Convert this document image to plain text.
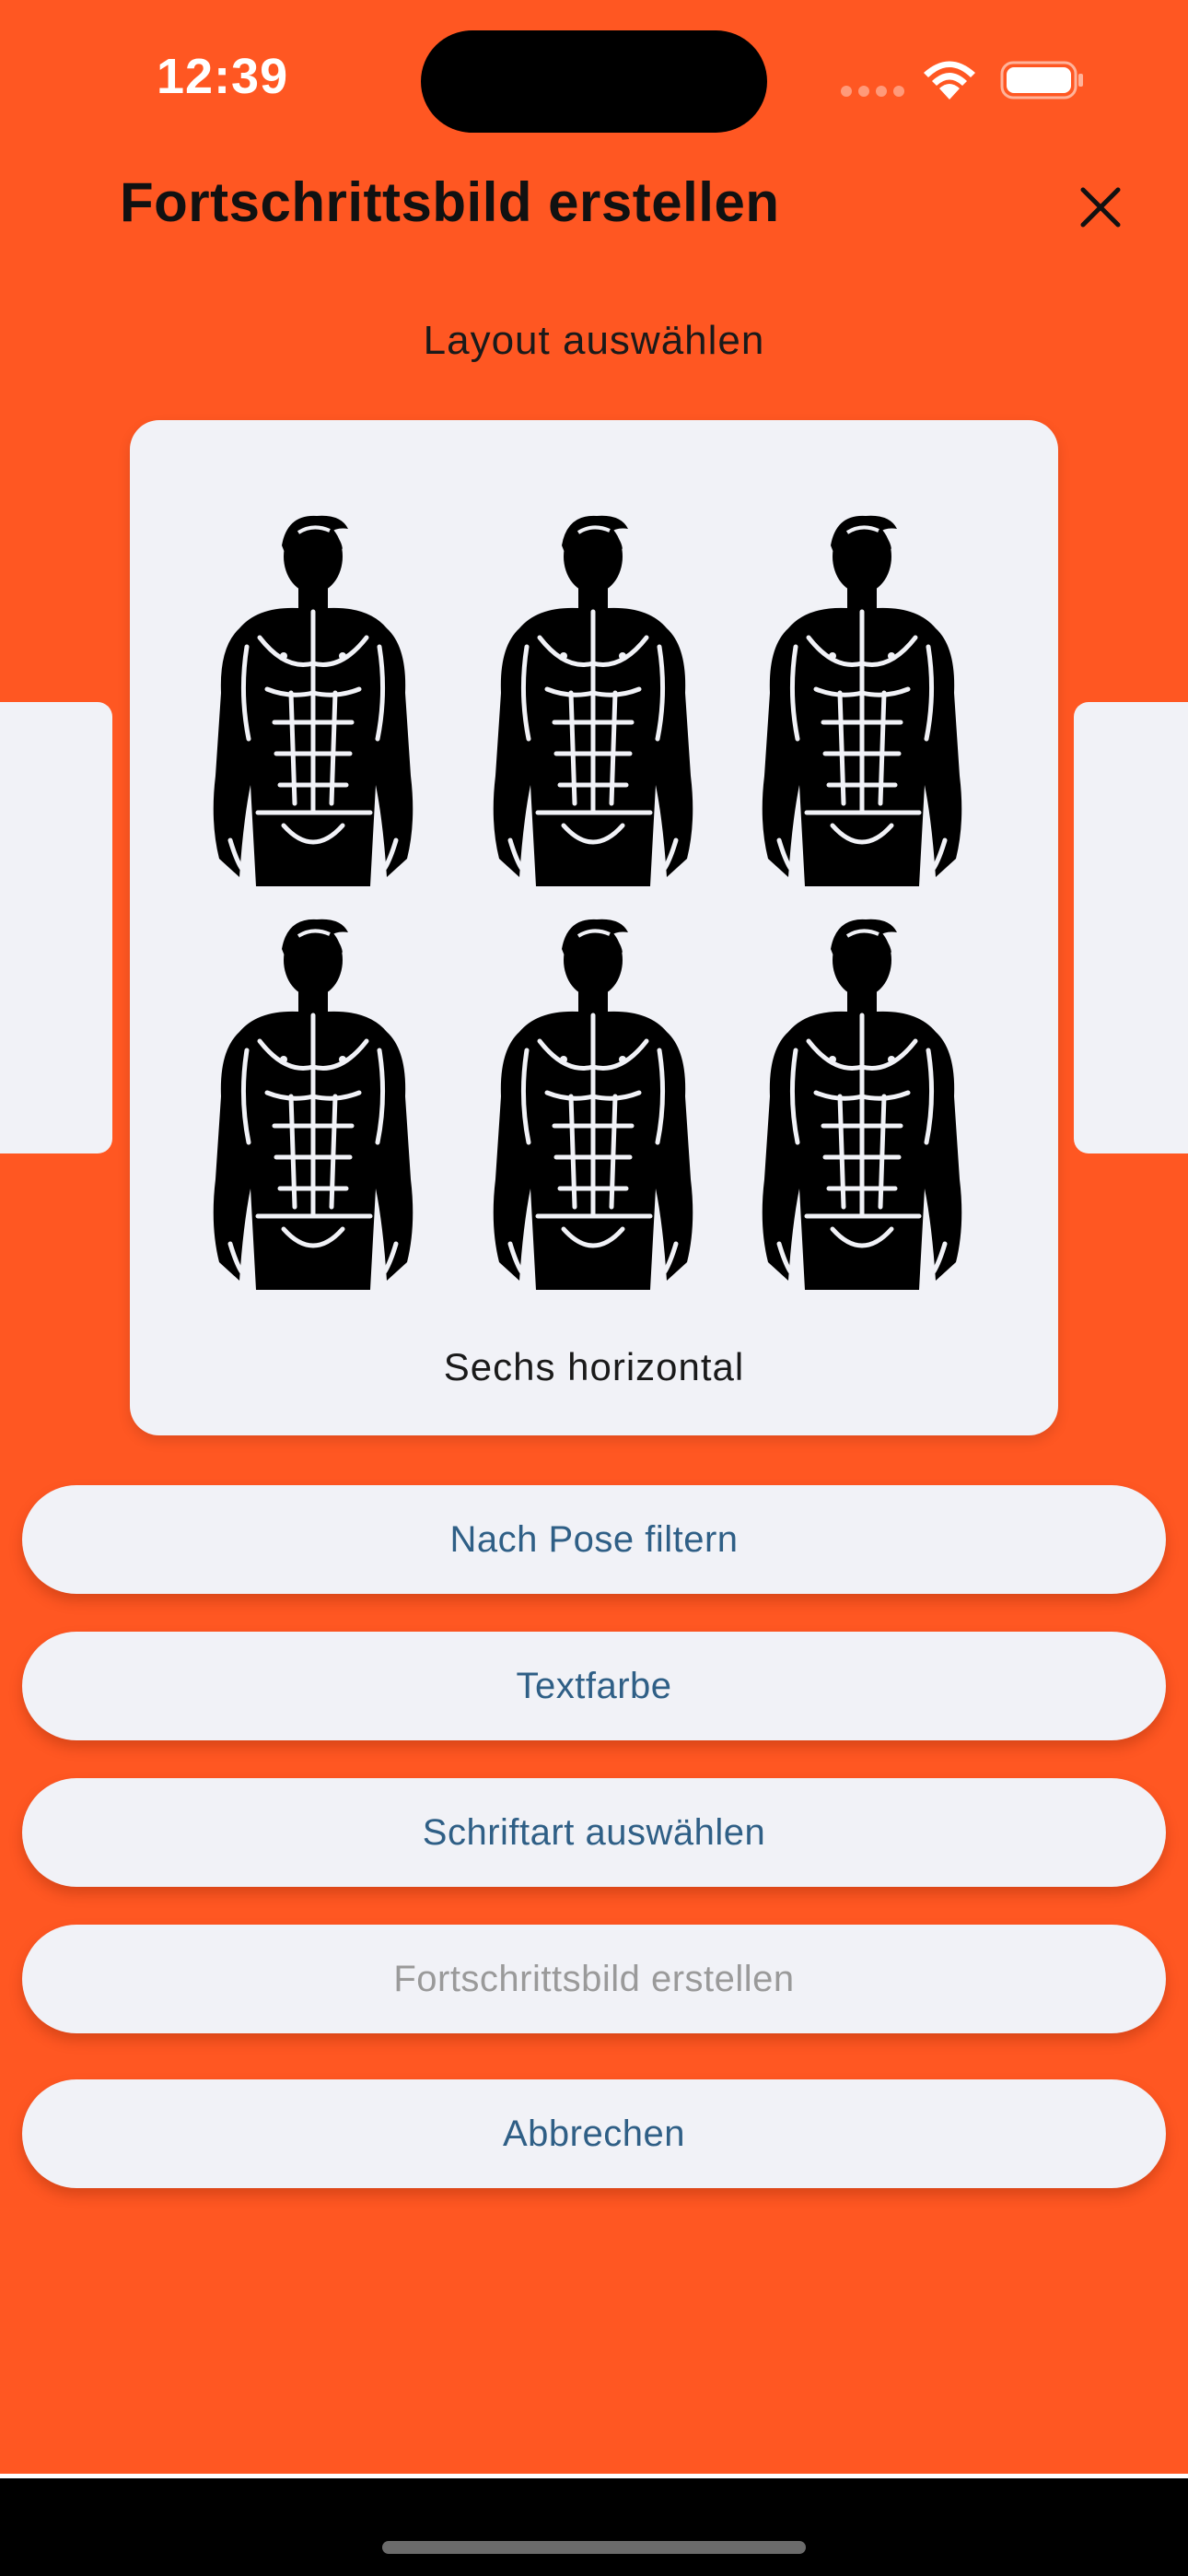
12:39
Fortschrittsbild erstellen
Layout auswählen
Sechs horizontal
Nach Pose filtern
Textfarbe
Schriftart auswählen
Fortschrittsbild erstellen
Abbrechen
